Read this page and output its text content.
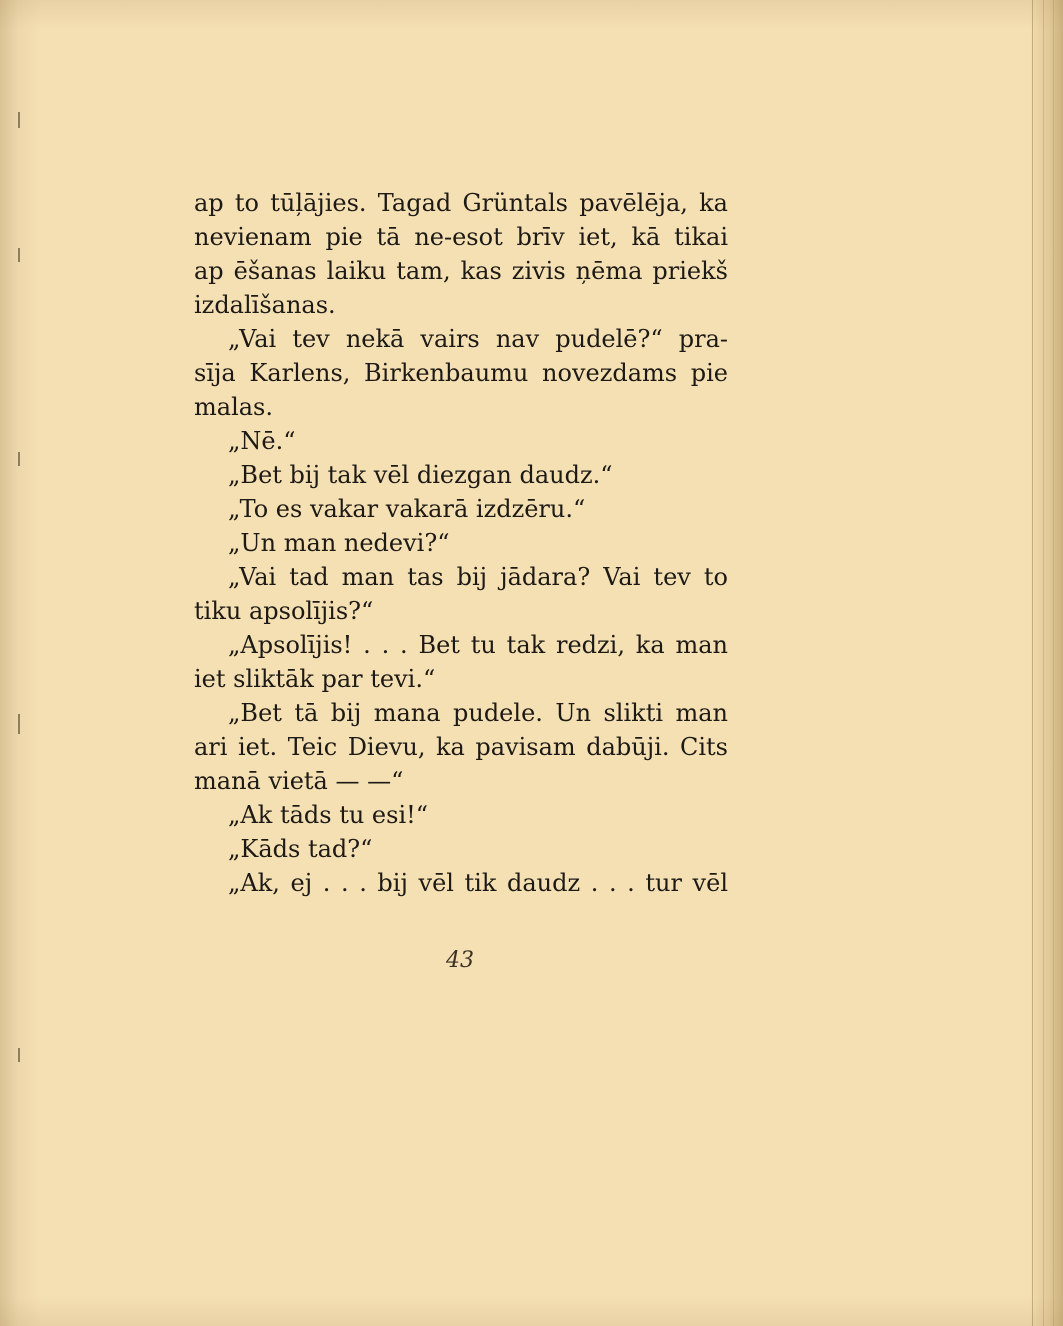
ap to tūļājies. Tagad Grüntals pavēlēja, ka
nevienam pie tā ne-esot brīv iet, kā tikai
ap ēšanas laiku tam, kas zivis ņēma priekš
izdalīšanas.
„Vai tev nekā vairs nav pudelē?“ pra-
sīja Karlens, Birkenbaumu novezdams pie
malas.
„Nē.“
„Bet bij tak vēl diezgan daudz.“
„To es vakar vakarā izdzēru.“
„Un man nedevi?“
„Vai tad man tas bij jādara? Vai tev to
tiku apsolījis?“
„Apsolījis! . . . Bet tu tak redzi, ka man
iet sliktāk par tevi.“
„Bet tā bij mana pudele. Un slikti man
ari iet. Teic Dievu, ka pavisam dabūji. Cits
manā vietā — —“
„Ak tāds tu esi!“
„Kāds tad?“
„Ak, ej . . . bij vēl tik daudz . . . tur vēl
43
